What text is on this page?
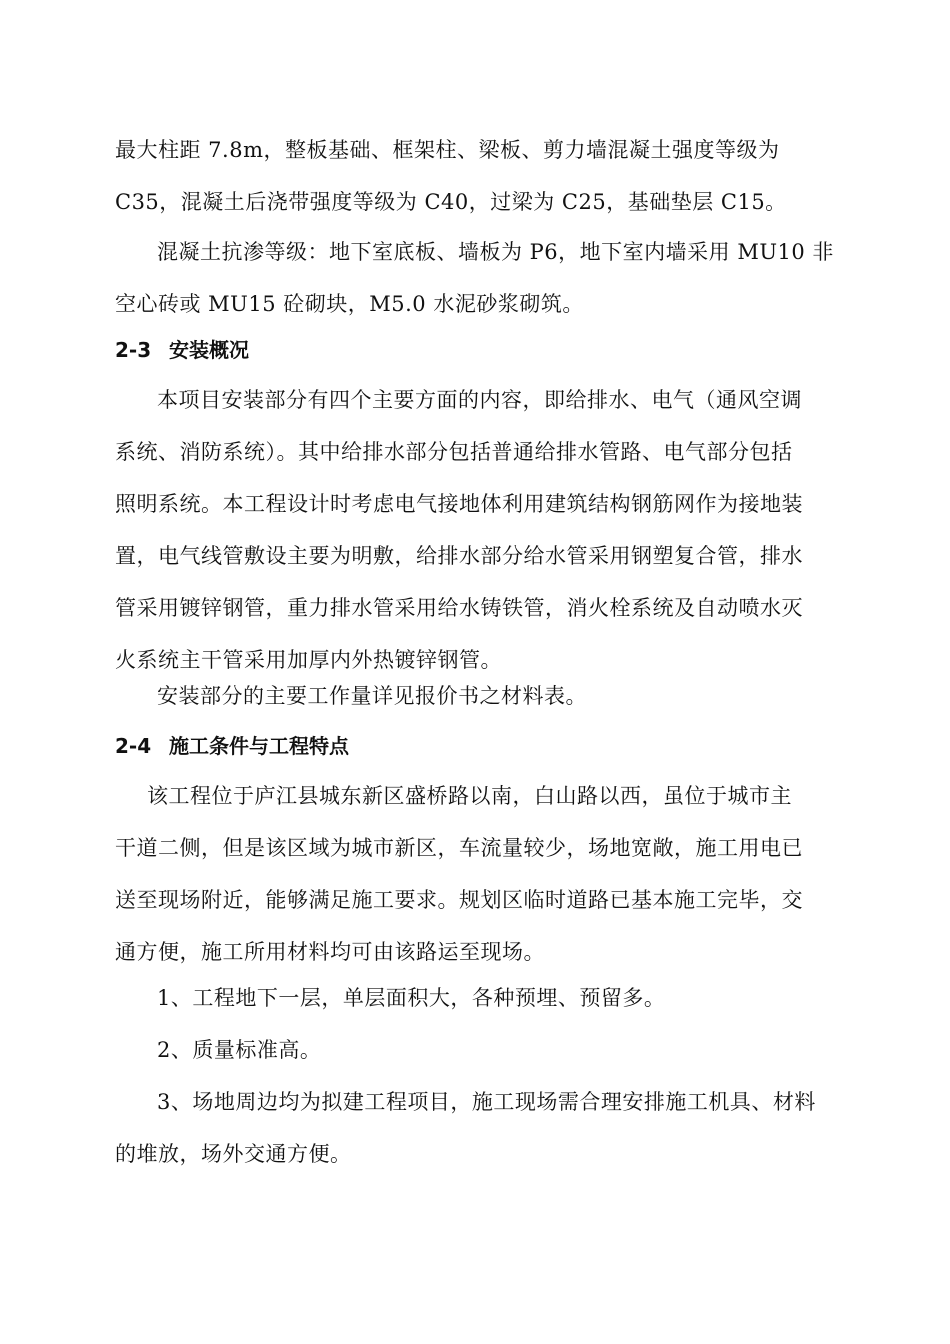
最大柱距 7.8m，整板基础、框架柱、梁板、剪力墙混凝土强度等级为
C35，混凝土后浇带强度等级为 C40，过梁为 C25，基础垫层 C15。

混凝土抗渗等级：地下室底板、墙板为 P6，地下室内墙采用 MU10 非
空心砖或 MU15 砼砌块，M5.0 水泥砂浆砌筑。

2-3 安装概况

本项目安装部分有四个主要方面的内容，即给排水、电气（通风空调
系统、消防系统）。其中给排水部分包括普通给排水管路、电气部分包括
照明系统。本工程设计时考虑电气接地体利用建筑结构钢筋网作为接地装
置，电气线管敷设主要为明敷，给排水部分给水管采用钢塑复合管，排水
管采用镀锌钢管，重力排水管采用给水铸铁管，消火栓系统及自动喷水灭
火系统主干管采用加厚内外热镀锌钢管。

安装部分的主要工作量详见报价书之材料表。

2-4 施工条件与工程特点

该工程位于庐江县城东新区盛桥路以南，白山路以西，虽位于城市主
干道二侧，但是该区域为城市新区，车流量较少，场地宽敞，施工用电已
送至现场附近，能够满足施工要求。规划区临时道路已基本施工完毕，交
通方便，施工所用材料均可由该路运至现场。

1、工程地下一层，单层面积大，各种预埋、预留多。

2、质量标准高。

3、场地周边均为拟建工程项目，施工现场需合理安排施工机具、材料
的堆放，场外交通方便。
